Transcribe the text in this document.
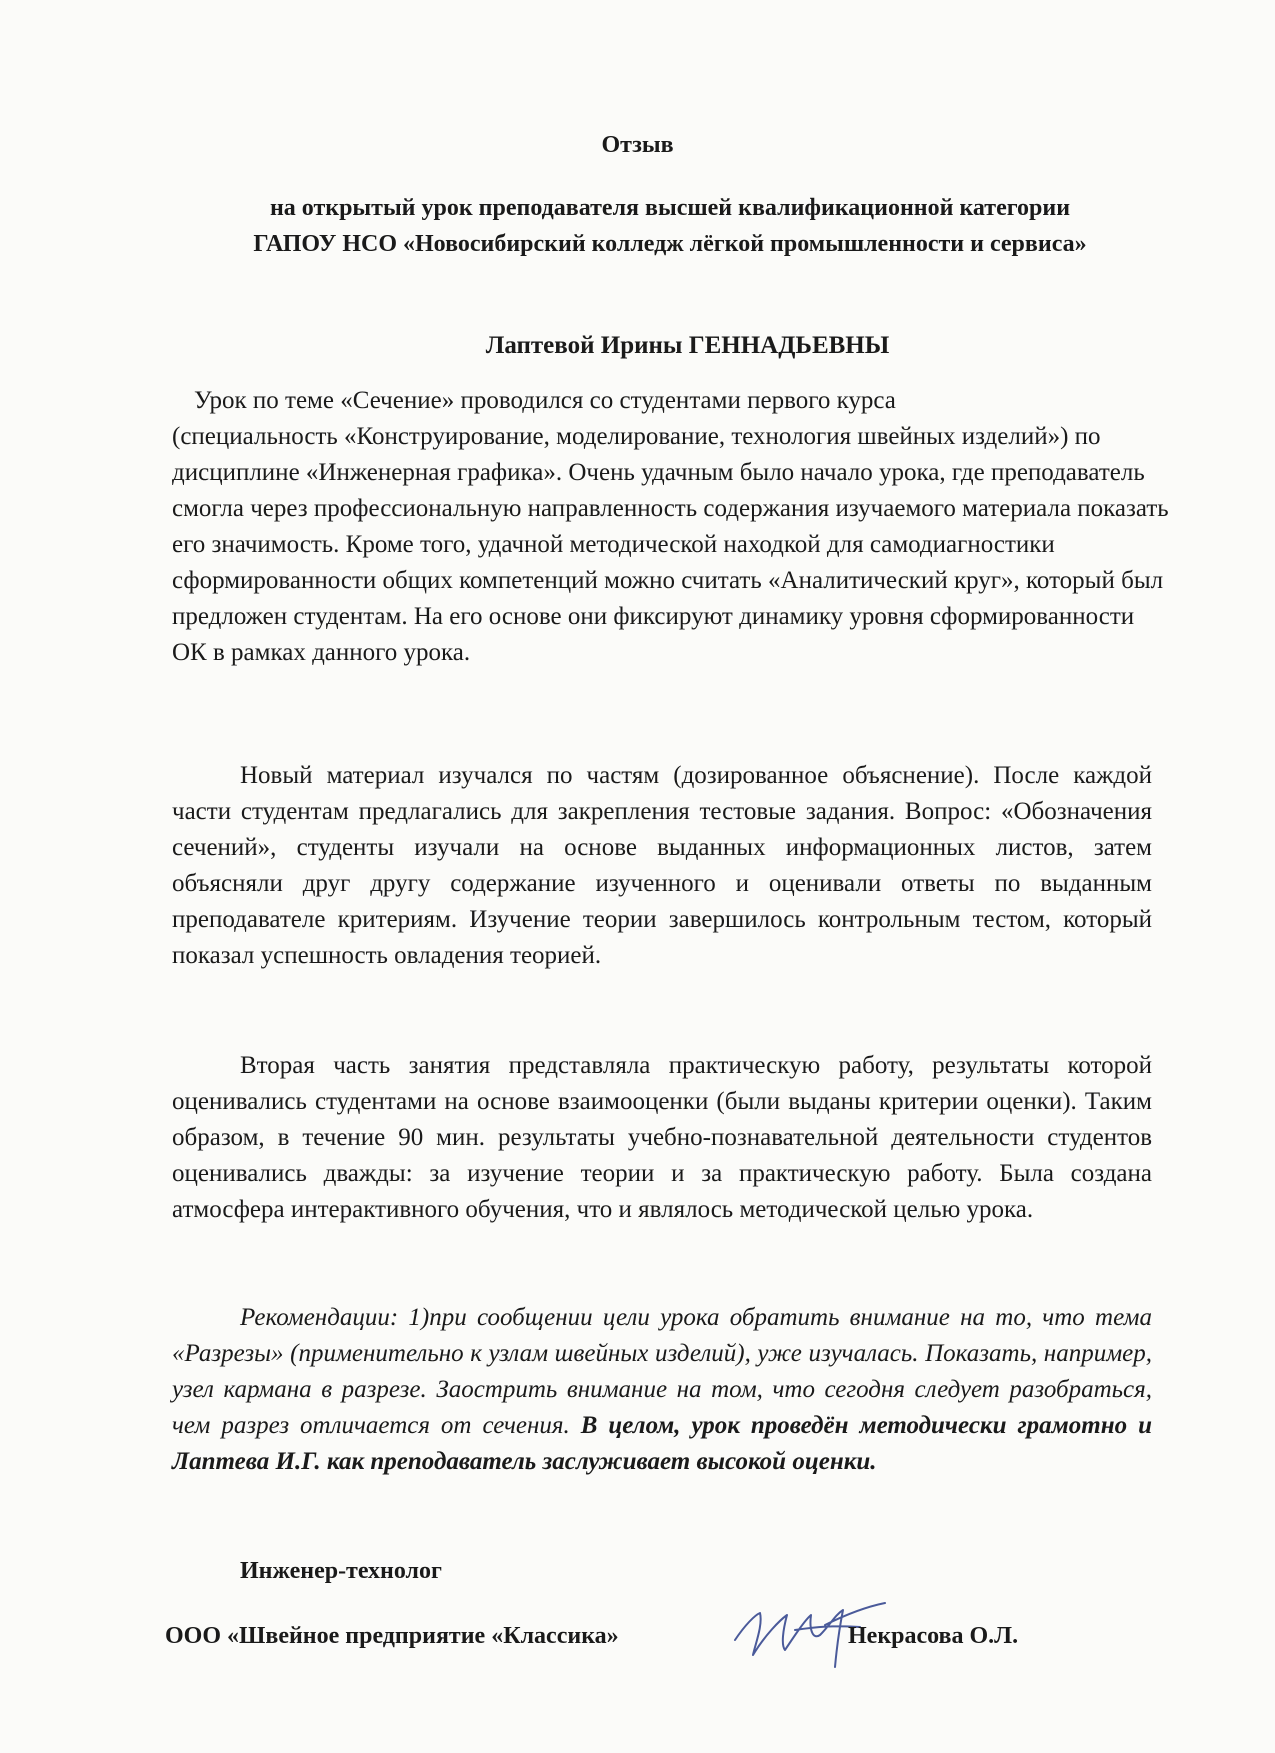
Отзыв
на открытый урок преподавателя высшей квалификационной категории ГАПОУ НСО «Новосибирский колледж лёгкой промышленности и сервиса»
Лаптевой Ирины ГЕННАДЬЕВНЫ
Урок по теме «Сечение» проводился со студентами первого курса
(специальность «Конструирование, моделирование, технология швейных изделий») по дисциплине «Инженерная графика». Очень удачным было начало урока, где преподаватель смогла через профессиональную направленность содержания изучаемого материала показать его значимость. Кроме того, удачной методической находкой для самодиагностики сформированности общих компетенций можно считать «Аналитический круг», который был предложен студентам. На его основе они фиксируют динамику уровня сформированности ОК в рамках данного урока.

Новый материал изучался по частям (дозированное объяснение). После каждой части студентам предлагались для закрепления тестовые задания. Вопрос: «Обозначения сечений», студенты изучали на основе выданных информационных листов, затем объясняли друг другу содержание изученного и оценивали ответы по выданным преподавателе критериям. Изучение теории завершилось контрольным тестом, который показал успешность овладения теорией.

Вторая часть занятия представляла практическую работу, результаты которой оценивались студентами на основе взаимооценки (были выданы критерии оценки). Таким образом, в течение 90 мин. результаты учебно-познавательной деятельности студентов оценивались дважды: за изучение теории и за практическую работу. Была создана атмосфера интерактивного обучения, что и являлось методической целью урока.

Рекомендации: 1)при сообщении цели урока обратить внимание на то, что тема «Разрезы» (применительно к узлам швейных изделий), уже изучалась. Показать, например, узел кармана в разрезе. Заострить внимание на том, что сегодня следует разобраться, чем разрез отличается от сечения. В целом, урок проведён методически грамотно и Лаптева И.Г. как преподаватель заслуживает высокой оценки.

Инженер-технолог
ООО «Швейное предприятие «Классика»	Некрасова О.Л.
